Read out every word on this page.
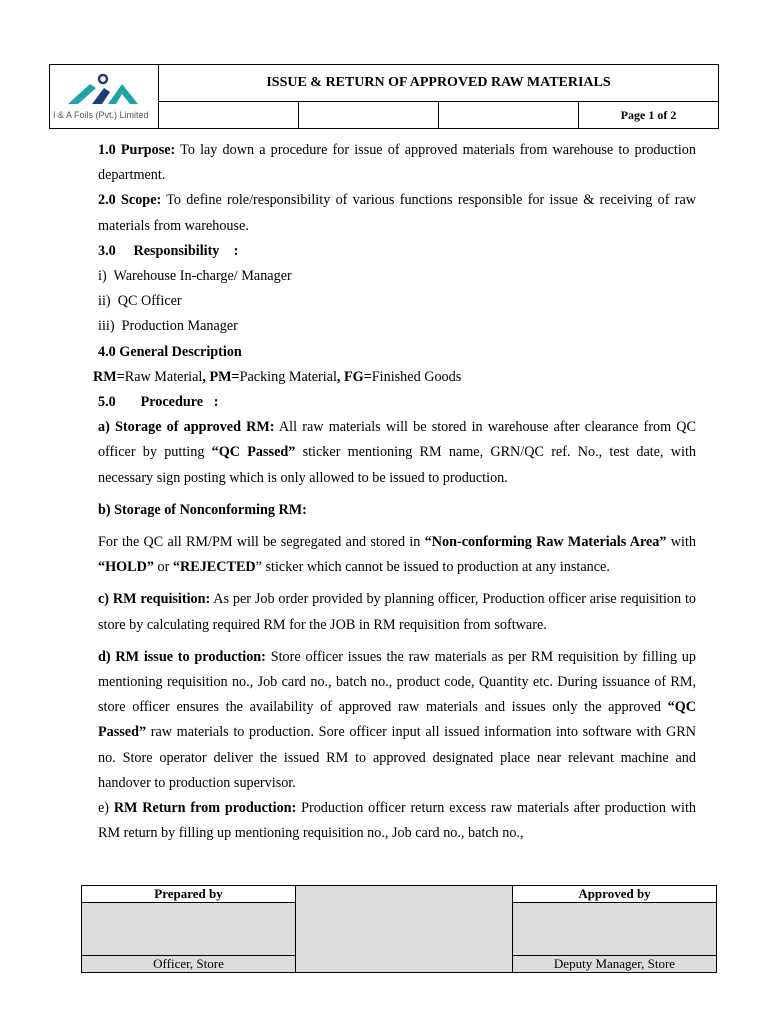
I & A Foils (Pvt.) Limited	ISSUE & RETURN OF APPROVED RAW MATERIALS			
				Page 1 of 2

1.0 Purpose: To lay down a procedure for issue of approved materials from warehouse to production department.

2.0 Scope: To define role/responsibility of various functions responsible for issue & receiving of raw materials from warehouse.

3.0     Responsibility    :

i)  Warehouse In-charge/ Manager

ii)  QC Officer

iii)  Production Manager

4.0 General Description

RM=Raw Material, PM=Packing Material, FG=Finished Goods

5.0       Procedure   :

a) Storage of approved RM: All raw materials will be stored in warehouse after clearance from QC officer by putting “QC Passed” sticker mentioning RM name, GRN/QC ref. No., test date, with necessary sign posting which is only allowed to be issued to production.

b) Storage of Nonconforming RM:

For the QC all RM/PM will be segregated and stored in “Non-conforming Raw Materials Area” with “HOLD” or “REJECTED” sticker which cannot be issued to production at any instance.

c) RM requisition: As per Job order provided by planning officer, Production officer arise requisition to store by calculating required RM for the JOB in RM requisition from software.

d) RM issue to production: Store officer issues the raw materials as per RM requisition by filling up mentioning requisition no., Job card no., batch no., product code, Quantity etc. During issuance of RM, store officer ensures the availability of approved raw materials and issues only the approved “QC Passed” raw materials to production. Sore officer input all issued information into software with GRN no. Store operator deliver the issued RM to approved designated place near relevant machine and handover to production supervisor.

e) RM Return from production: Production officer return excess raw materials after production with RM return by filling up mentioning requisition no., Job card no., batch no.,

Prepared by		Approved by

Officer, Store		Deputy Manager, Store
